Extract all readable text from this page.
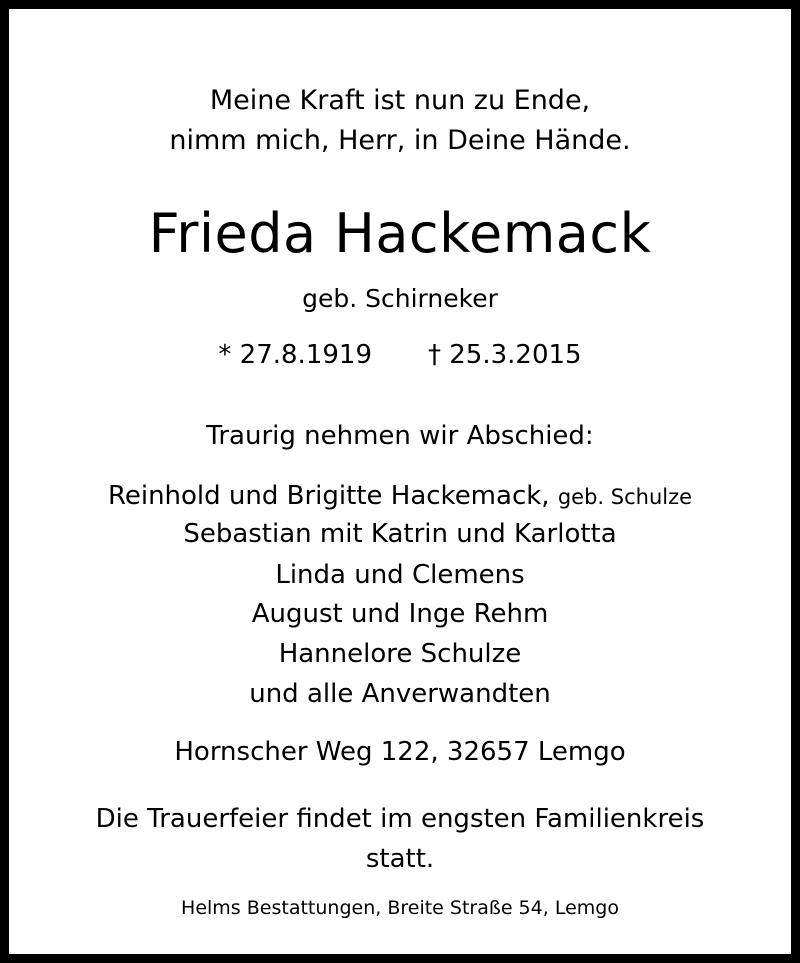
Meine Kraft ist nun zu Ende,
nimm mich, Herr, in Deine Hände.
Frieda Hackemack
geb. Schirneker
* 27.8.1919 † 25.3.2015
Traurig nehmen wir Abschied:
Reinhold und Brigitte Hackemack, geb. Schulze
Sebastian mit Katrin und Karlotta
Linda und Clemens
August und Inge Rehm
Hannelore Schulze
und alle Anverwandten
Hornscher Weg 122, 32657 Lemgo
Die Trauerfeier findet im engsten Familienkreis
statt.
Helms Bestattungen, Breite Straße 54, Lemgo
